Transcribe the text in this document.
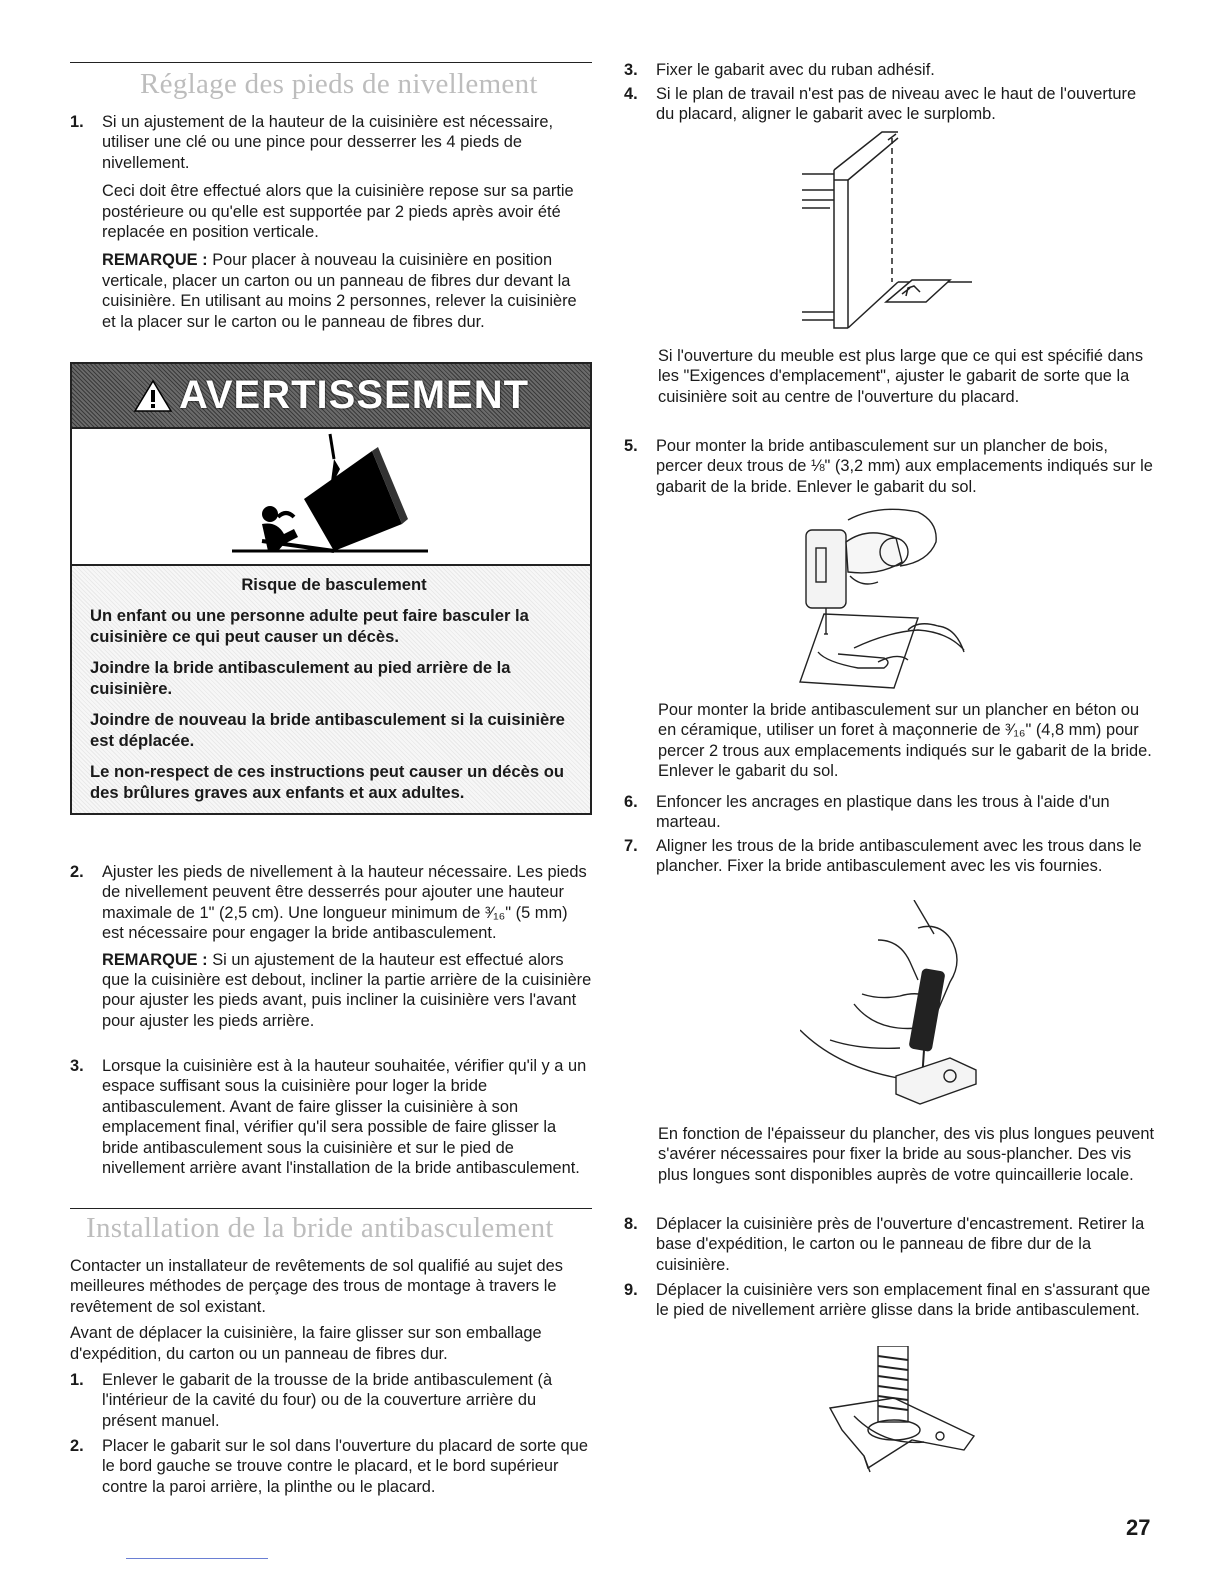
Réglage des pieds de nivellement
1. Si un ajustement de la hauteur de la cuisinière est nécessaire, utiliser une clé ou une pince pour desserrer les 4 pieds de nivellement.

Ceci doit être effectué alors que la cuisinière repose sur sa partie postérieure ou qu'elle est supportée par 2 pieds après avoir été replacée en position verticale.

REMARQUE : Pour placer à nouveau la cuisinière en position verticale, placer un carton ou un panneau de fibres dur devant la cuisinière. En utilisant au moins 2 personnes, relever la cuisinière et la placer sur le carton ou le panneau de fibres dur.

AVERTISSEMENT

Risque de basculement

Un enfant ou une personne adulte peut faire basculer la cuisinière ce qui peut causer un décès.

Joindre la bride antibasculement au pied arrière de la cuisinière.

Joindre de nouveau la bride antibasculement si la cuisinière est déplacée.

Le non-respect de ces instructions peut causer un décès ou des brûlures graves aux enfants et aux adultes.

2. Ajuster les pieds de nivellement à la hauteur nécessaire. Les pieds de nivellement peuvent être desserrés pour ajouter une hauteur maximale de 1" (2,5 cm). Une longueur minimum de ³⁄₁₆" (5 mm) est nécessaire pour engager la bride antibasculement.

REMARQUE : Si un ajustement de la hauteur est effectué alors que la cuisinière est debout, incliner la partie arrière de la cuisinière pour ajuster les pieds avant, puis incliner la cuisinière vers l'avant pour ajuster les pieds arrière.

3. Lorsque la cuisinière est à la hauteur souhaitée, vérifier qu'il y a un espace suffisant sous la cuisinière pour loger la bride antibasculement. Avant de faire glisser la cuisinière à son emplacement final, vérifier qu'il sera possible de faire glisser la bride antibasculement sous la cuisinière et sur le pied de nivellement arrière avant l'installation de la bride antibasculement.
Installation de la bride antibasculement

Contacter un installateur de revêtements de sol qualifié au sujet des meilleures méthodes de perçage des trous de montage à travers le revêtement de sol existant.

Avant de déplacer la cuisinière, la faire glisser sur son emballage d'expédition, du carton ou un panneau de fibres dur.

1. Enlever le gabarit de la trousse de la bride antibasculement (à l'intérieur de la cavité du four) ou de la couverture arrière du présent manuel.
2. Placer le gabarit sur le sol dans l'ouverture du placard de sorte que le bord gauche se trouve contre le placard, et le bord supérieur contre la paroi arrière, la plinthe ou le placard.
3. Fixer le gabarit avec du ruban adhésif.
4. Si le plan de travail n'est pas de niveau avec le haut de l'ouverture du placard, aligner le gabarit avec le surplomb.

Si l'ouverture du meuble est plus large que ce qui est spécifié dans les "Exigences d'emplacement", ajuster le gabarit de sorte que la cuisinière soit au centre de l'ouverture du placard.

5. Pour monter la bride antibasculement sur un plancher de bois, percer deux trous de ⅛" (3,2 mm) aux emplacements indiqués sur le gabarit de la bride. Enlever le gabarit du sol.

Pour monter la bride antibasculement sur un plancher en béton ou en céramique, utiliser un foret à maçonnerie de ³⁄₁₆" (4,8 mm) pour percer 2 trous aux emplacements indiqués sur le gabarit de la bride. Enlever le gabarit du sol.

6. Enfoncer les ancrages en plastique dans les trous à l'aide d'un marteau.
7. Aligner les trous de la bride antibasculement avec les trous dans le plancher. Fixer la bride antibasculement avec les vis fournies.

En fonction de l'épaisseur du plancher, des vis plus longues peuvent s'avérer nécessaires pour fixer la bride au sous-plancher. Des vis plus longues sont disponibles auprès de votre quincaillerie locale.

8. Déplacer la cuisinière près de l'ouverture d'encastrement. Retirer la base d'expédition, le carton ou le panneau de fibre dur de la cuisinière.
9. Déplacer la cuisinière vers son emplacement final en s'assurant que le pied de nivellement arrière glisse dans la bride antibasculement.
27
